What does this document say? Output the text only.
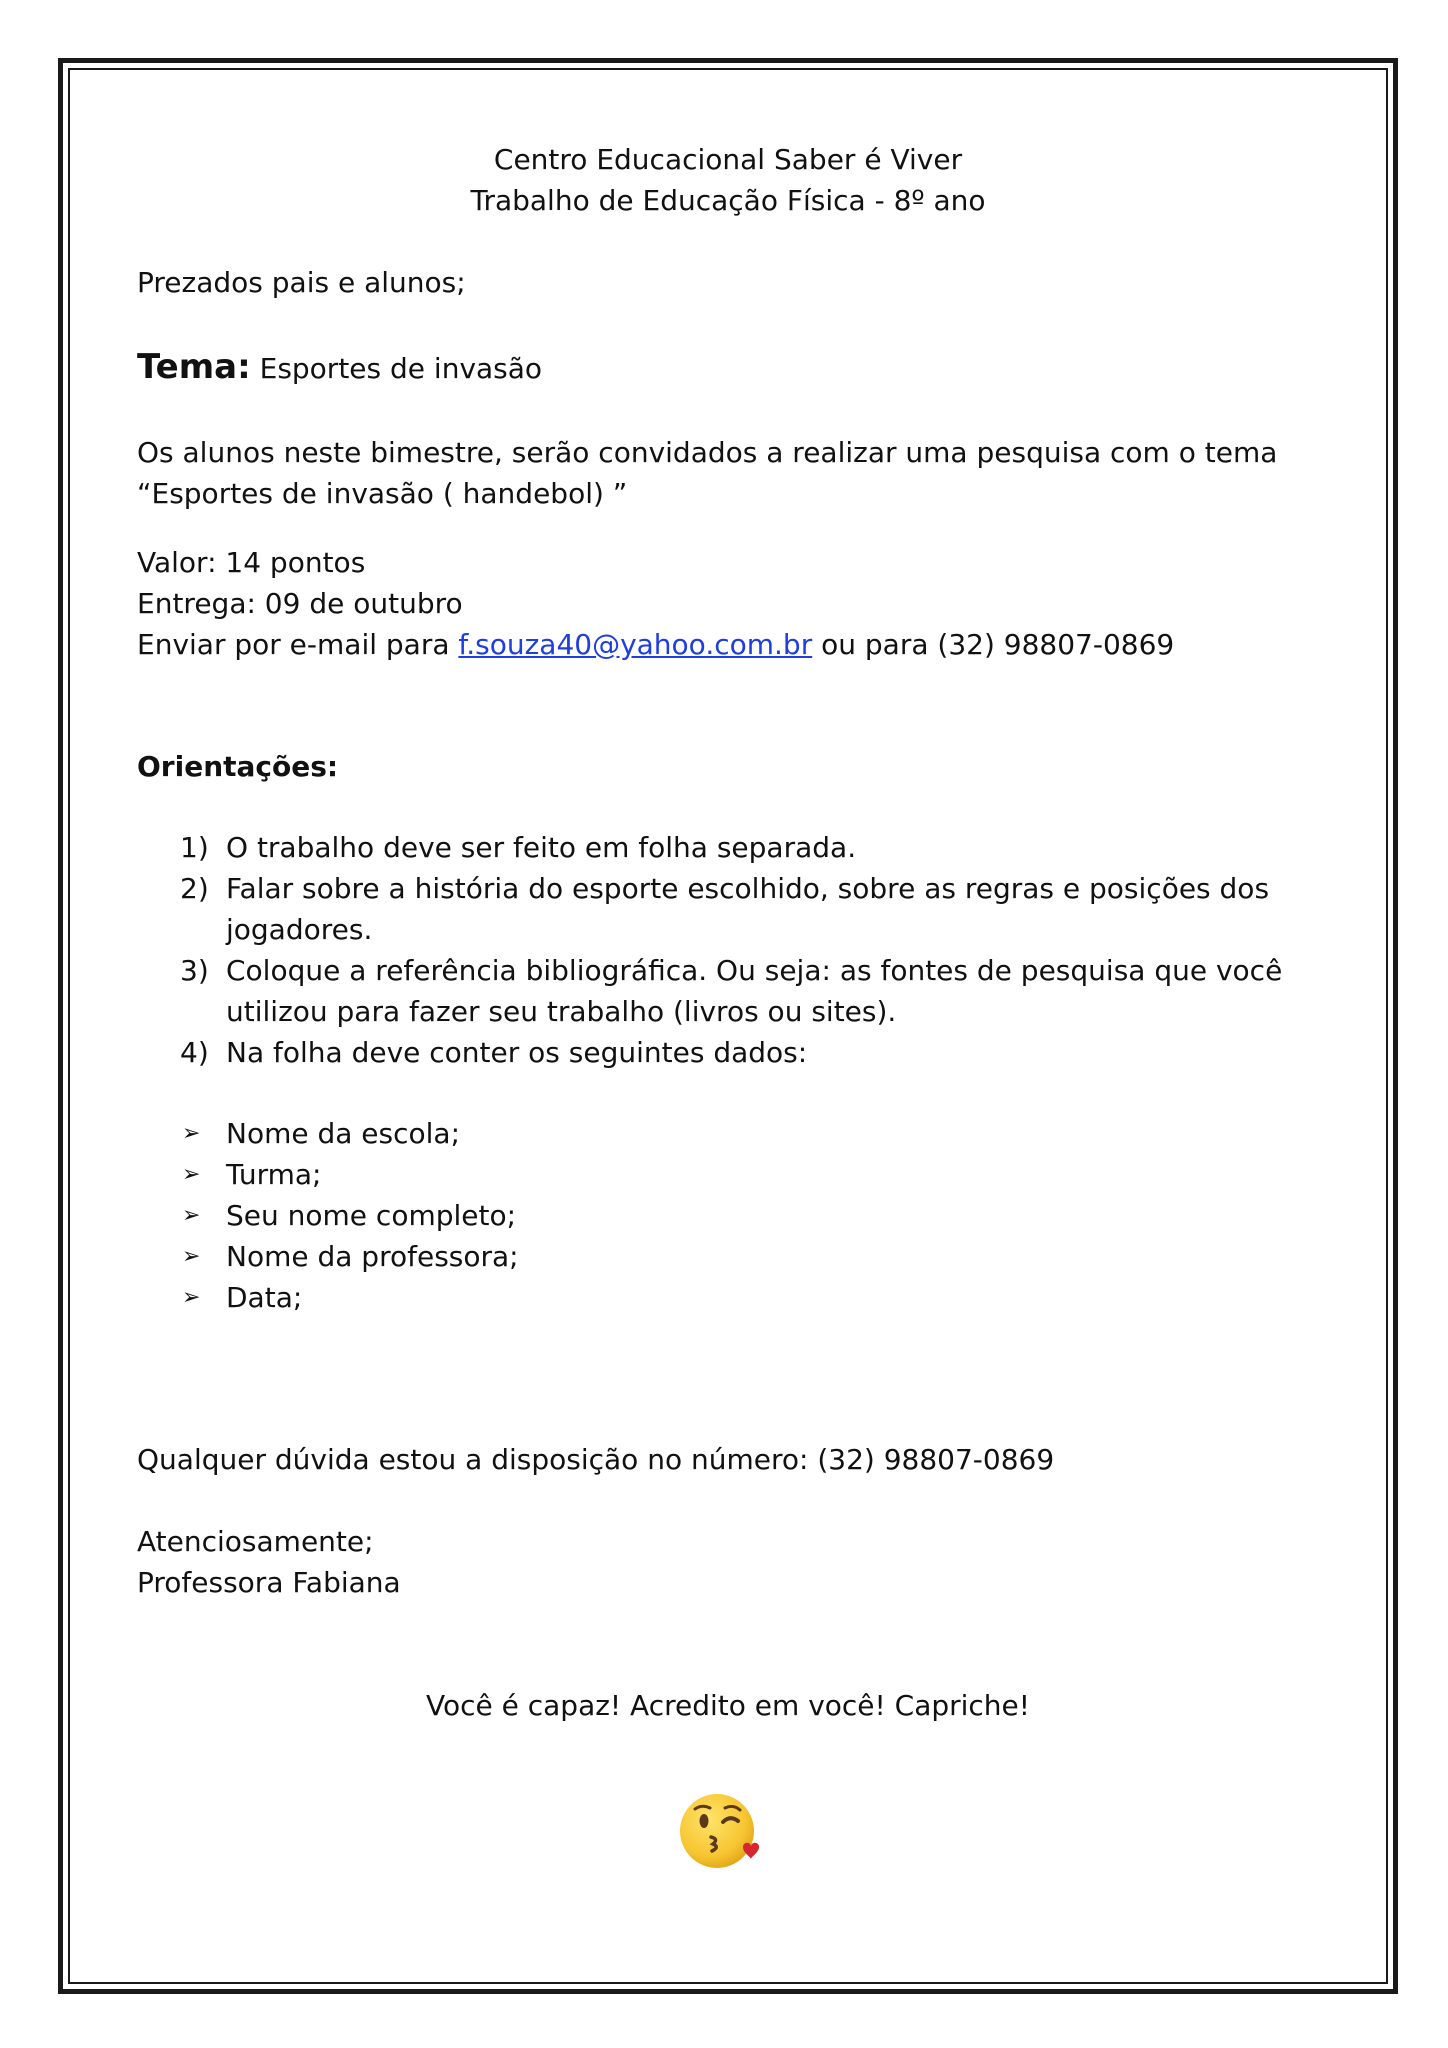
Centro Educacional Saber é Viver
Trabalho de Educação Física - 8º ano
Prezados pais e alunos;
Tema: Esportes de invasão
Os alunos neste bimestre, serão convidados a realizar uma pesquisa com o tema
“Esportes de invasão ( handebol) ”
Valor: 14 pontos
Entrega: 09 de outubro
Enviar por e-mail para f.souza40@yahoo.com.br ou para (32) 98807-0869
Orientações:
1) O trabalho deve ser feito em folha separada.
2) Falar sobre a história do esporte escolhido, sobre as regras e posições dos
jogadores.
3) Coloque a referência bibliográfica. Ou seja: as fontes de pesquisa que você
utilizou para fazer seu trabalho (livros ou sites).
4) Na folha deve conter os seguintes dados:
➢ Nome da escola;
➢ Turma;
➢ Seu nome completo;
➢ Nome da professora;
➢ Data;
Qualquer dúvida estou a disposição no número: (32) 98807-0869
Atenciosamente;
Professora Fabiana
Você é capaz! Acredito em você! Capriche!
